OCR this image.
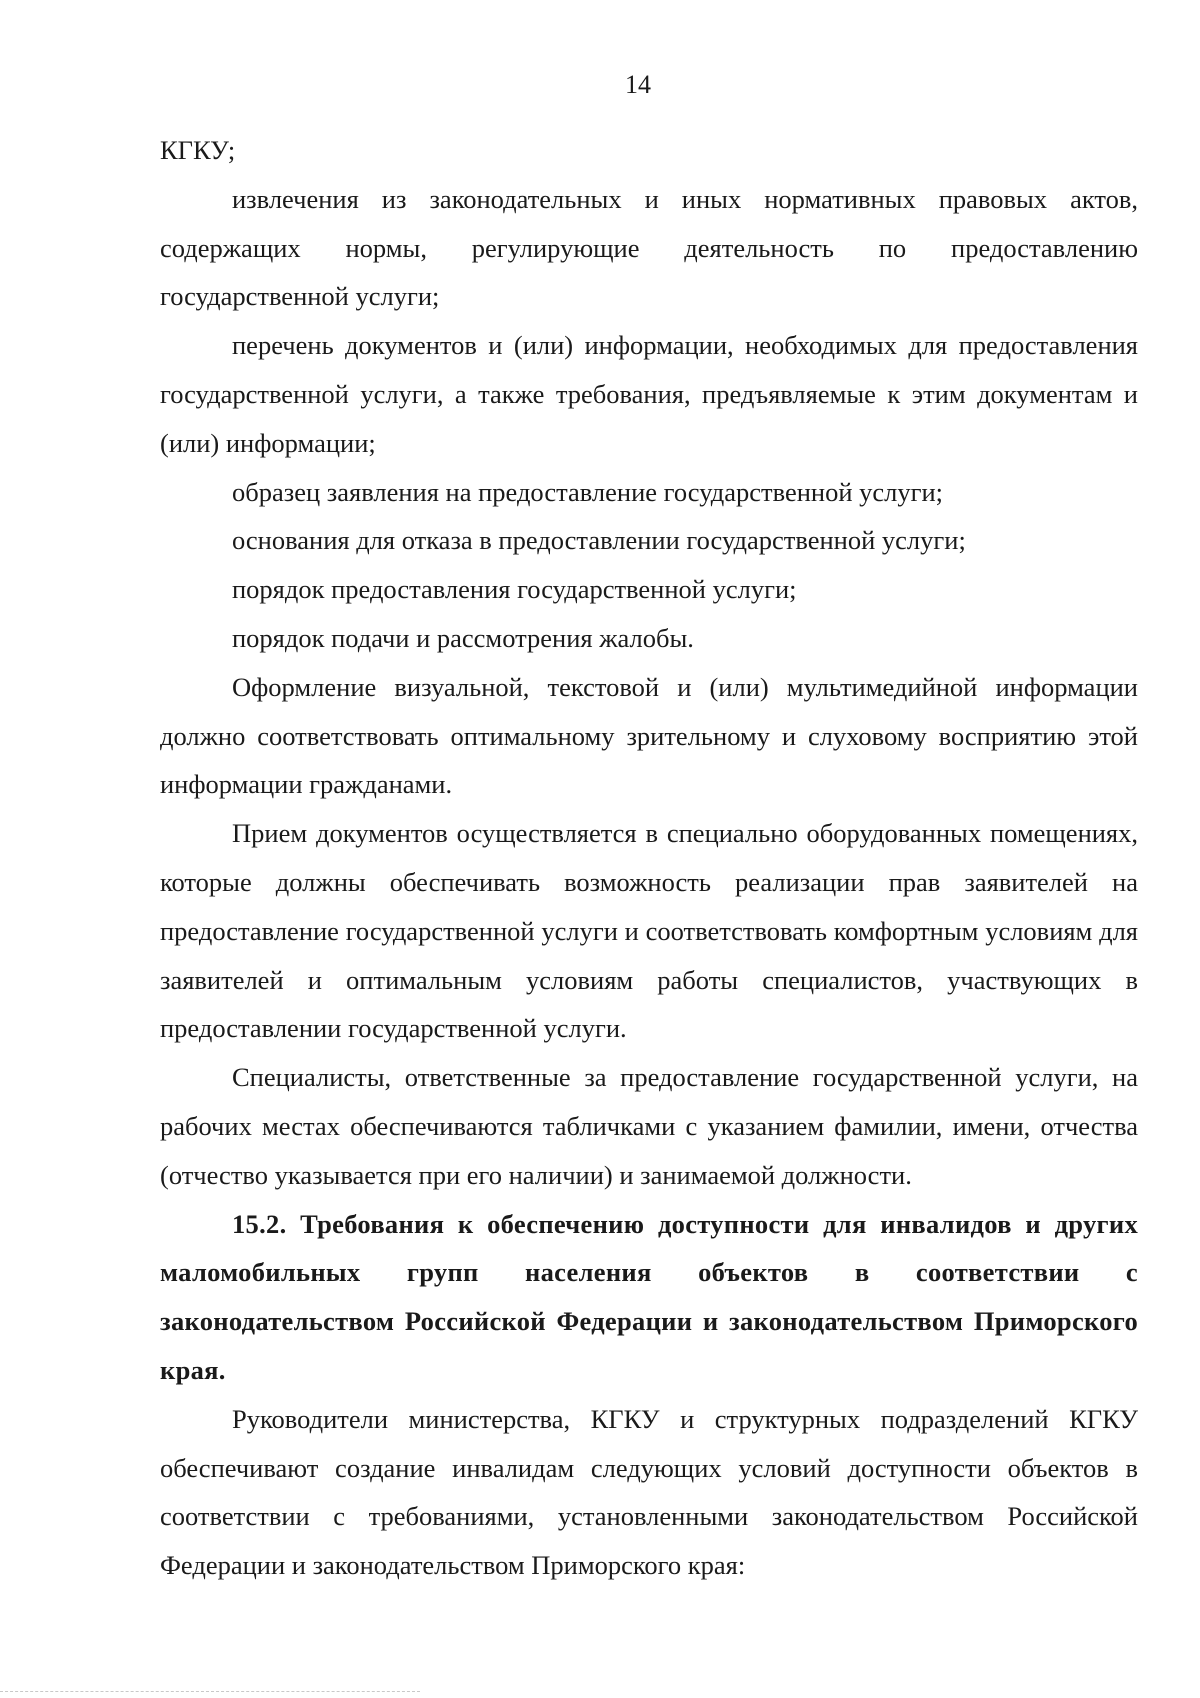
14

КГКУ;

извлечения из законодательных и иных нормативных правовых актов, содержащих нормы, регулирующие деятельность по предоставлению государственной услуги;

перечень документов и (или) информации, необходимых для предоставления государственной услуги, а также требования, предъявляемые к этим документам и (или) информации;

образец заявления на предоставление государственной услуги;

основания для отказа в предоставлении государственной услуги;

порядок предоставления государственной услуги;

порядок подачи и рассмотрения жалобы.

Оформление визуальной, текстовой и (или) мультимедийной информации должно соответствовать оптимальному зрительному и слуховому восприятию этой информации гражданами.

Прием документов осуществляется в специально оборудованных помещениях, которые должны обеспечивать возможность реализации прав заявителей на предоставление государственной услуги и соответствовать комфортным условиям для заявителей и оптимальным условиям работы специалистов, участвующих в предоставлении государственной услуги.

Специалисты, ответственные за предоставление государственной услуги, на рабочих местах обеспечиваются табличками с указанием фамилии, имени, отчества (отчество указывается при его наличии) и занимаемой должности.

15.2. Требования к обеспечению доступности для инвалидов и других маломобильных групп населения объектов в соответствии с законодательством Российской Федерации и законодательством Приморского края.

Руководители министерства, КГКУ и структурных подразделений КГКУ обеспечивают создание инвалидам следующих условий доступности объектов в соответствии с требованиями, установленными законодательством Российской Федерации и законодательством Приморского края:
